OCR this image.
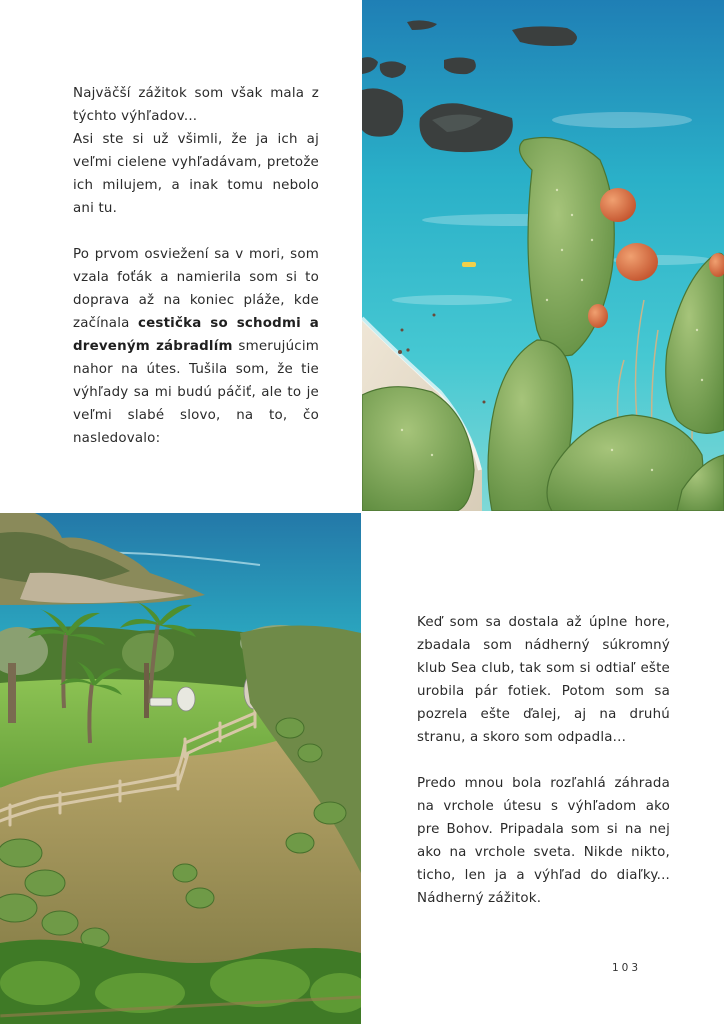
Najväčší zážitok som však mala z týchto výhľadov...
Asi ste si už všimli, že ja ich aj veľmi cielene vyhľadávam, pretože ich milujem, a inak tomu nebolo ani tu.

Po prvom osviežení sa v mori, som vzala foťák a namierila som si to doprava až na koniec pláže, kde začínala cestička so schodmi a dreveným zábradlím smerujúcim nahor na útes. Tušila som, že tie výhľady sa mi budú páčiť, ale to je veľmi slabé slovo, na to, čo nasledovalo:

Keď som sa dostala až úplne hore, zbadala som nádherný súkromný klub Sea club, tak som si odtiaľ ešte urobila pár fotiek. Potom som sa pozrela ešte ďalej, aj na druhú stranu, a skoro som odpadla...

Predo mnou bola rozľahlá záhrada na vrchole útesu s výhľadom ako pre Bohov. Pripadala som si na nej ako na vrchole sveta. Nikde nikto, ticho, len ja a výhľad do diaľky... Nádherný zážitok.

103
